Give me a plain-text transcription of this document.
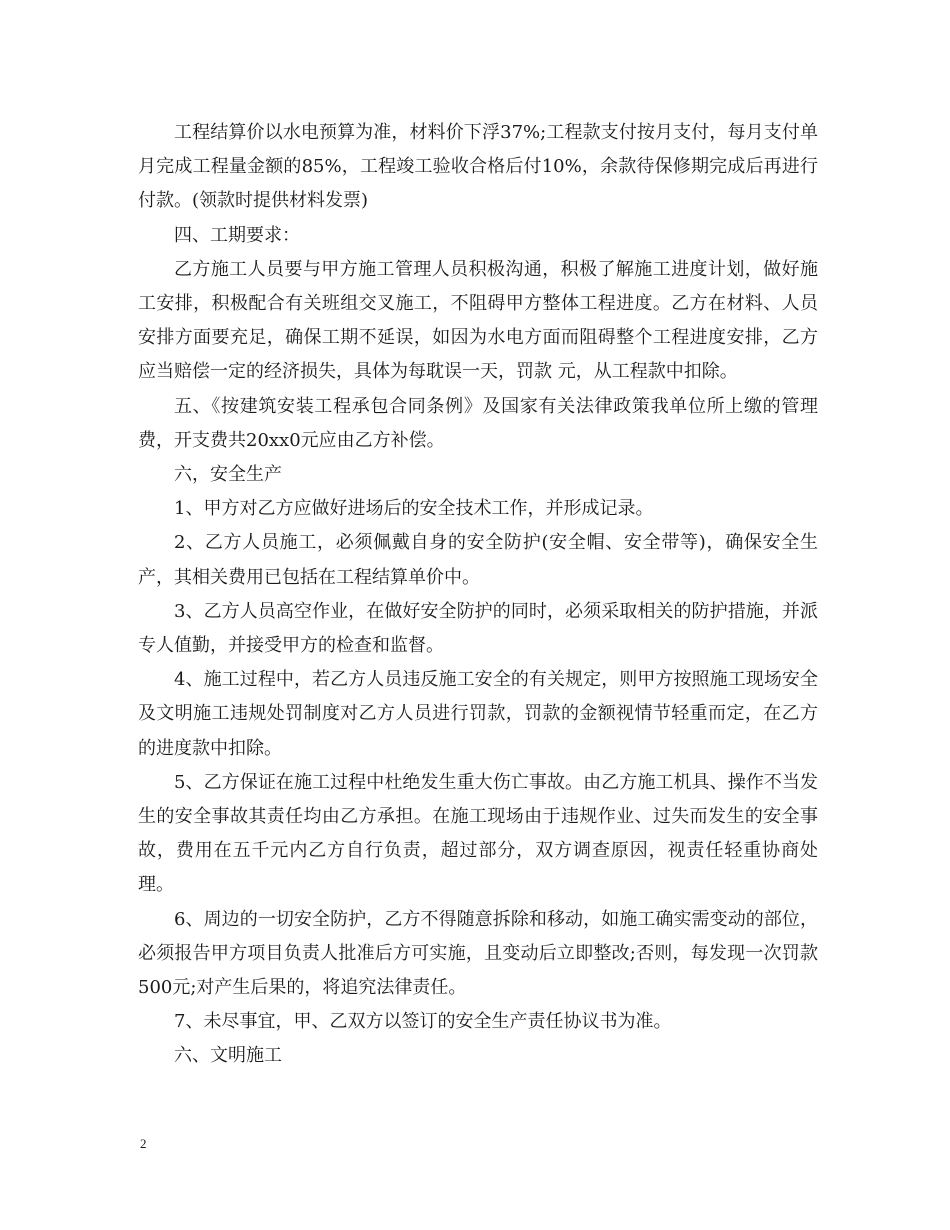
工程结算价以水电预算为准，材料价下浮37%;工程款支付按月支付，每月支付单月完成工程量金额的85%，工程竣工验收合格后付10%，余款待保修期完成后再进行付款。(领款时提供材料发票)

四、工期要求：

乙方施工人员要与甲方施工管理人员积极沟通，积极了解施工进度计划，做好施工安排，积极配合有关班组交叉施工，不阻碍甲方整体工程进度。乙方在材料、人员安排方面要充足，确保工期不延误，如因为水电方面而阻碍整个工程进度安排，乙方应当赔偿一定的经济损失，具体为每耽误一天，罚款 元，从工程款中扣除。

五、《按建筑安装工程承包合同条例》及国家有关法律政策我单位所上缴的管理费，开支费共20xx0元应由乙方补偿。

六，安全生产

1、甲方对乙方应做好进场后的安全技术工作，并形成记录。

2、乙方人员施工，必须佩戴自身的安全防护(安全帽、安全带等)，确保安全生产，其相关费用已包括在工程结算单价中。

3、乙方人员高空作业，在做好安全防护的同时，必须采取相关的防护措施，并派专人值勤，并接受甲方的检查和监督。

4、施工过程中，若乙方人员违反施工安全的有关规定，则甲方按照施工现场安全及文明施工违规处罚制度对乙方人员进行罚款，罚款的金额视情节轻重而定，在乙方的进度款中扣除。

5、乙方保证在施工过程中杜绝发生重大伤亡事故。由乙方施工机具、操作不当发生的安全事故其责任均由乙方承担。在施工现场由于违规作业、过失而发生的安全事故，费用在五千元内乙方自行负责，超过部分，双方调查原因，视责任轻重协商处理。

6、周边的一切安全防护，乙方不得随意拆除和移动，如施工确实需变动的部位，必须报告甲方项目负责人批准后方可实施，且变动后立即整改;否则，每发现一次罚款500元;对产生后果的，将追究法律责任。

7、未尽事宜，甲、乙双方以签订的安全生产责任协议书为准。

六、文明施工

2
